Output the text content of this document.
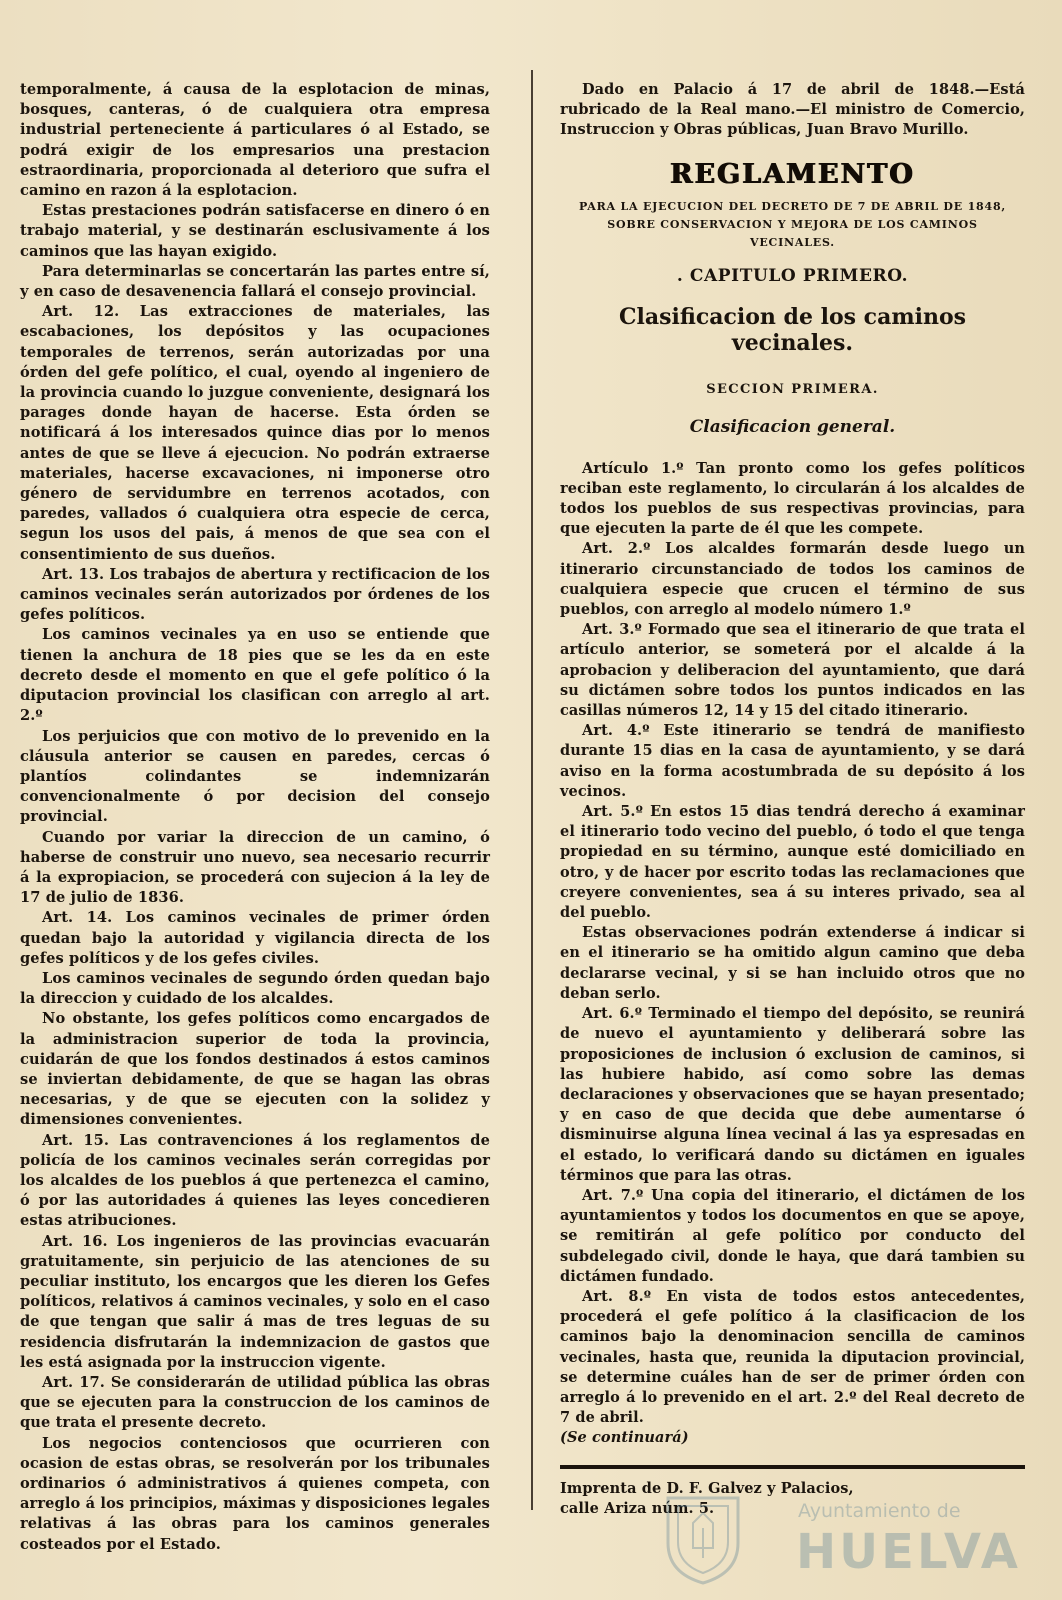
temporalmente, á causa de la esplotacion de minas, bosques, canteras, ó de cualquiera otra empresa industrial perteneciente á particulares ó al Estado, se podrá exigir de los empresarios una prestacion estraordinaria, proporcionada al deterioro que sufra el camino en razon á la esplotacion.

Estas prestaciones podrán satisfacerse en dinero ó en trabajo material, y se destinarán esclusivamente á los caminos que las hayan exigido.

Para determinarlas se concertarán las partes entre sí, y en caso de desavenencia fallará el consejo provincial.

Art. 12. Las extracciones de materiales, las escabaciones, los depósitos y las ocupaciones temporales de terrenos, serán autorizadas por una órden del gefe político, el cual, oyendo al ingeniero de la provincia cuando lo juzgue conveniente, designará los parages donde hayan de hacerse. Esta órden se notificará á los interesados quince dias por lo menos antes de que se lleve á ejecucion. No podrán extraerse materiales, hacerse excavaciones, ni imponerse otro género de servidumbre en terrenos acotados, con paredes, vallados ó cualquiera otra especie de cerca, segun los usos del pais, á menos de que sea con el consentimiento de sus dueños.

Art. 13. Los trabajos de abertura y rectificacion de los caminos vecinales serán autorizados por órdenes de los gefes políticos.

Los caminos vecinales ya en uso se entiende que tienen la anchura de 18 pies que se les da en este decreto desde el momento en que el gefe político ó la diputacion provincial los clasifican con arreglo al art. 2.º

Los perjuicios que con motivo de lo prevenido en la cláusula anterior se causen en paredes, cercas ó plantíos colindantes se indemnizarán convencionalmente ó por decision del consejo provincial.

Cuando por variar la direccion de un camino, ó haberse de construir uno nuevo, sea necesario recurrir á la expropiacion, se procederá con sujecion á la ley de 17 de julio de 1836.

Art. 14. Los caminos vecinales de primer órden quedan bajo la autoridad y vigilancia directa de los gefes políticos y de los gefes civiles.

Los caminos vecinales de segundo órden quedan bajo la direccion y cuidado de los alcaldes.

No obstante, los gefes políticos como encargados de la administracion superior de toda la provincia, cuidarán de que los fondos destinados á estos caminos se inviertan debidamente, de que se hagan las obras necesarias, y de que se ejecuten con la solidez y dimensiones convenientes.

Art. 15. Las contravenciones á los reglamentos de policía de los caminos vecinales serán corregidas por los alcaldes de los pueblos á que pertenezca el camino, ó por las autoridades á quienes las leyes concedieren estas atribuciones.

Art. 16. Los ingenieros de las provincias evacuarán gratuitamente, sin perjuicio de las atenciones de su peculiar instituto, los encargos que les dieren los Gefes políticos, relativos á caminos vecinales, y solo en el caso de que tengan que salir á mas de tres leguas de su residencia disfrutarán la indemnizacion de gastos que les está asignada por la instruccion vigente.

Art. 17. Se considerarán de utilidad pública las obras que se ejecuten para la construccion de los caminos de que trata el presente decreto.

Los negocios contenciosos que ocurrieren con ocasion de estas obras, se resolverán por los tribunales ordinarios ó administrativos á quienes competa, con arreglo á los principios, máximas y disposiciones legales relativas á las obras para los caminos generales costeados por el Estado.

Dado en Palacio á 17 de abril de 1848.—Está rubricado de la Real mano.—El ministro de Comercio, Instruccion y Obras públicas, Juan Bravo Murillo.

REGLAMENTO
PARA LA EJECUCION DEL DECRETO DE 7 DE ABRIL DE 1848,
SOBRE CONSERVACION Y MEJORA DE LOS CAMINOS
VECINALES.
. CAPITULO PRIMERO.
Clasificacion de los caminos vecinales.
SECCION PRIMERA.
Clasificacion general.

Artículo 1.º Tan pronto como los gefes políticos reciban este reglamento, lo circularán á los alcaldes de todos los pueblos de sus respectivas provincias, para que ejecuten la parte de él que les compete.

Art. 2.º Los alcaldes formarán desde luego un itinerario circunstanciado de todos los caminos de cualquiera especie que crucen el término de sus pueblos, con arreglo al modelo número 1.º

Art. 3.º Formado que sea el itinerario de que trata el artículo anterior, se someterá por el alcalde á la aprobacion y deliberacion del ayuntamiento, que dará su dictámen sobre todos los puntos indicados en las casillas números 12, 14 y 15 del citado itinerario.

Art. 4.º Este itinerario se tendrá de manifiesto durante 15 dias en la casa de ayuntamiento, y se dará aviso en la forma acostumbrada de su depósito á los vecinos.

Art. 5.º En estos 15 dias tendrá derecho á examinar el itinerario todo vecino del pueblo, ó todo el que tenga propiedad en su término, aunque esté domiciliado en otro, y de hacer por escrito todas las reclamaciones que creyere convenientes, sea á su interes privado, sea al del pueblo.

Estas observaciones podrán extenderse á indicar si en el itinerario se ha omitido algun camino que deba declararse vecinal, y si se han incluido otros que no deban serlo.

Art. 6.º Terminado el tiempo del depósito, se reunirá de nuevo el ayuntamiento y deliberará sobre las proposiciones de inclusion ó exclusion de caminos, si las hubiere habido, así como sobre las demas declaraciones y observaciones que se hayan presentado; y en caso de que decida que debe aumentarse ó disminuirse alguna línea vecinal á las ya espresadas en el estado, lo verificará dando su dictámen en iguales términos que para las otras.

Art. 7.º Una copia del itinerario, el dictámen de los ayuntamientos y todos los documentos en que se apoye, se remitirán al gefe político por conducto del subdelegado civil, donde le haya, que dará tambien su dictámen fundado.

Art. 8.º En vista de todos estos antecedentes, procederá el gefe político á la clasificacion de los caminos bajo la denominacion sencilla de caminos vecinales, hasta que, reunida la diputacion provincial, se determine cuáles han de ser de primer órden con arreglo á lo prevenido en el art. 2.º del Real decreto de 7 de abril.

(Se continuará)

Imprenta de D. F. Galvez y Palacios,

calle Ariza núm. 5.	Ayuntamiento de
HUELVA
